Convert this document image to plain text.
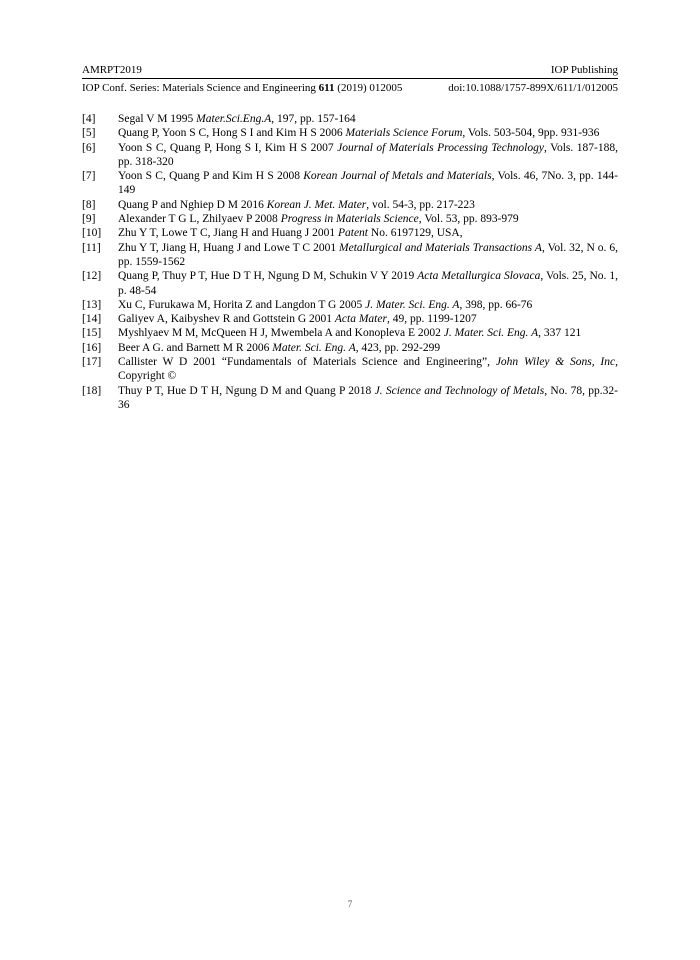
AMRPT2019	IOP Publishing
IOP Conf. Series: Materials Science and Engineering 611 (2019) 012005	doi:10.1088/1757-899X/611/1/012005
[4]	Segal V M 1995 Mater.Sci.Eng.A, 197, pp. 157-164
[5]	Quang P, Yoon S C, Hong S I and Kim H S 2006 Materials Science Forum, Vols. 503-504, 9pp. 931-936
[6]	Yoon S C, Quang P, Hong S I, Kim H S 2007 Journal of Materials Processing Technology, Vols. 187-188, pp. 318-320
[7]	Yoon S C, Quang P and Kim H S 2008 Korean Journal of Metals and Materials, Vols. 46, 7No. 3, pp. 144-149
[8]	Quang P and Nghiep D M 2016 Korean J. Met. Mater, vol. 54-3, pp. 217-223
[9]	Alexander T G L, Zhilyaev P 2008 Progress in Materials Science, Vol. 53, pp. 893-979
[10]	Zhu Y T, Lowe T C, Jiang H and Huang J 2001 Patent No. 6197129, USA,
[11]	Zhu Y T, Jiang H, Huang J and Lowe T C 2001 Metallurgical and Materials Transactions A, Vol. 32, N o. 6, pp. 1559-1562
[12]	Quang P, Thuy P T, Hue D T H, Ngung D M, Schukin V Y 2019 Acta Metallurgica Slovaca, Vols. 25, No. 1, p. 48-54
[13]	Xu C, Furukawa M, Horita Z and Langdon T G 2005 J. Mater. Sci. Eng. A, 398, pp. 66-76
[14]	Galiyev A, Kaibyshev R and Gottstein G 2001 Acta Mater, 49, pp. 1199-1207
[15]	Myshlyaev M M, McQueen H J, Mwembela A and Konopleva E 2002 J. Mater. Sci. Eng. A, 337 121
[16]	Beer A G. and Barnett M R 2006 Mater. Sci. Eng. A, 423, pp. 292-299
[17]	Callister W D 2001 “Fundamentals of Materials Science and Engineering”, John Wiley & Sons, Inc, Copyright ©
[18]	Thuy P T, Hue D T H, Ngung D M and Quang P 2018 J. Science and Technology of Metals, No. 78, pp.32-36
7
